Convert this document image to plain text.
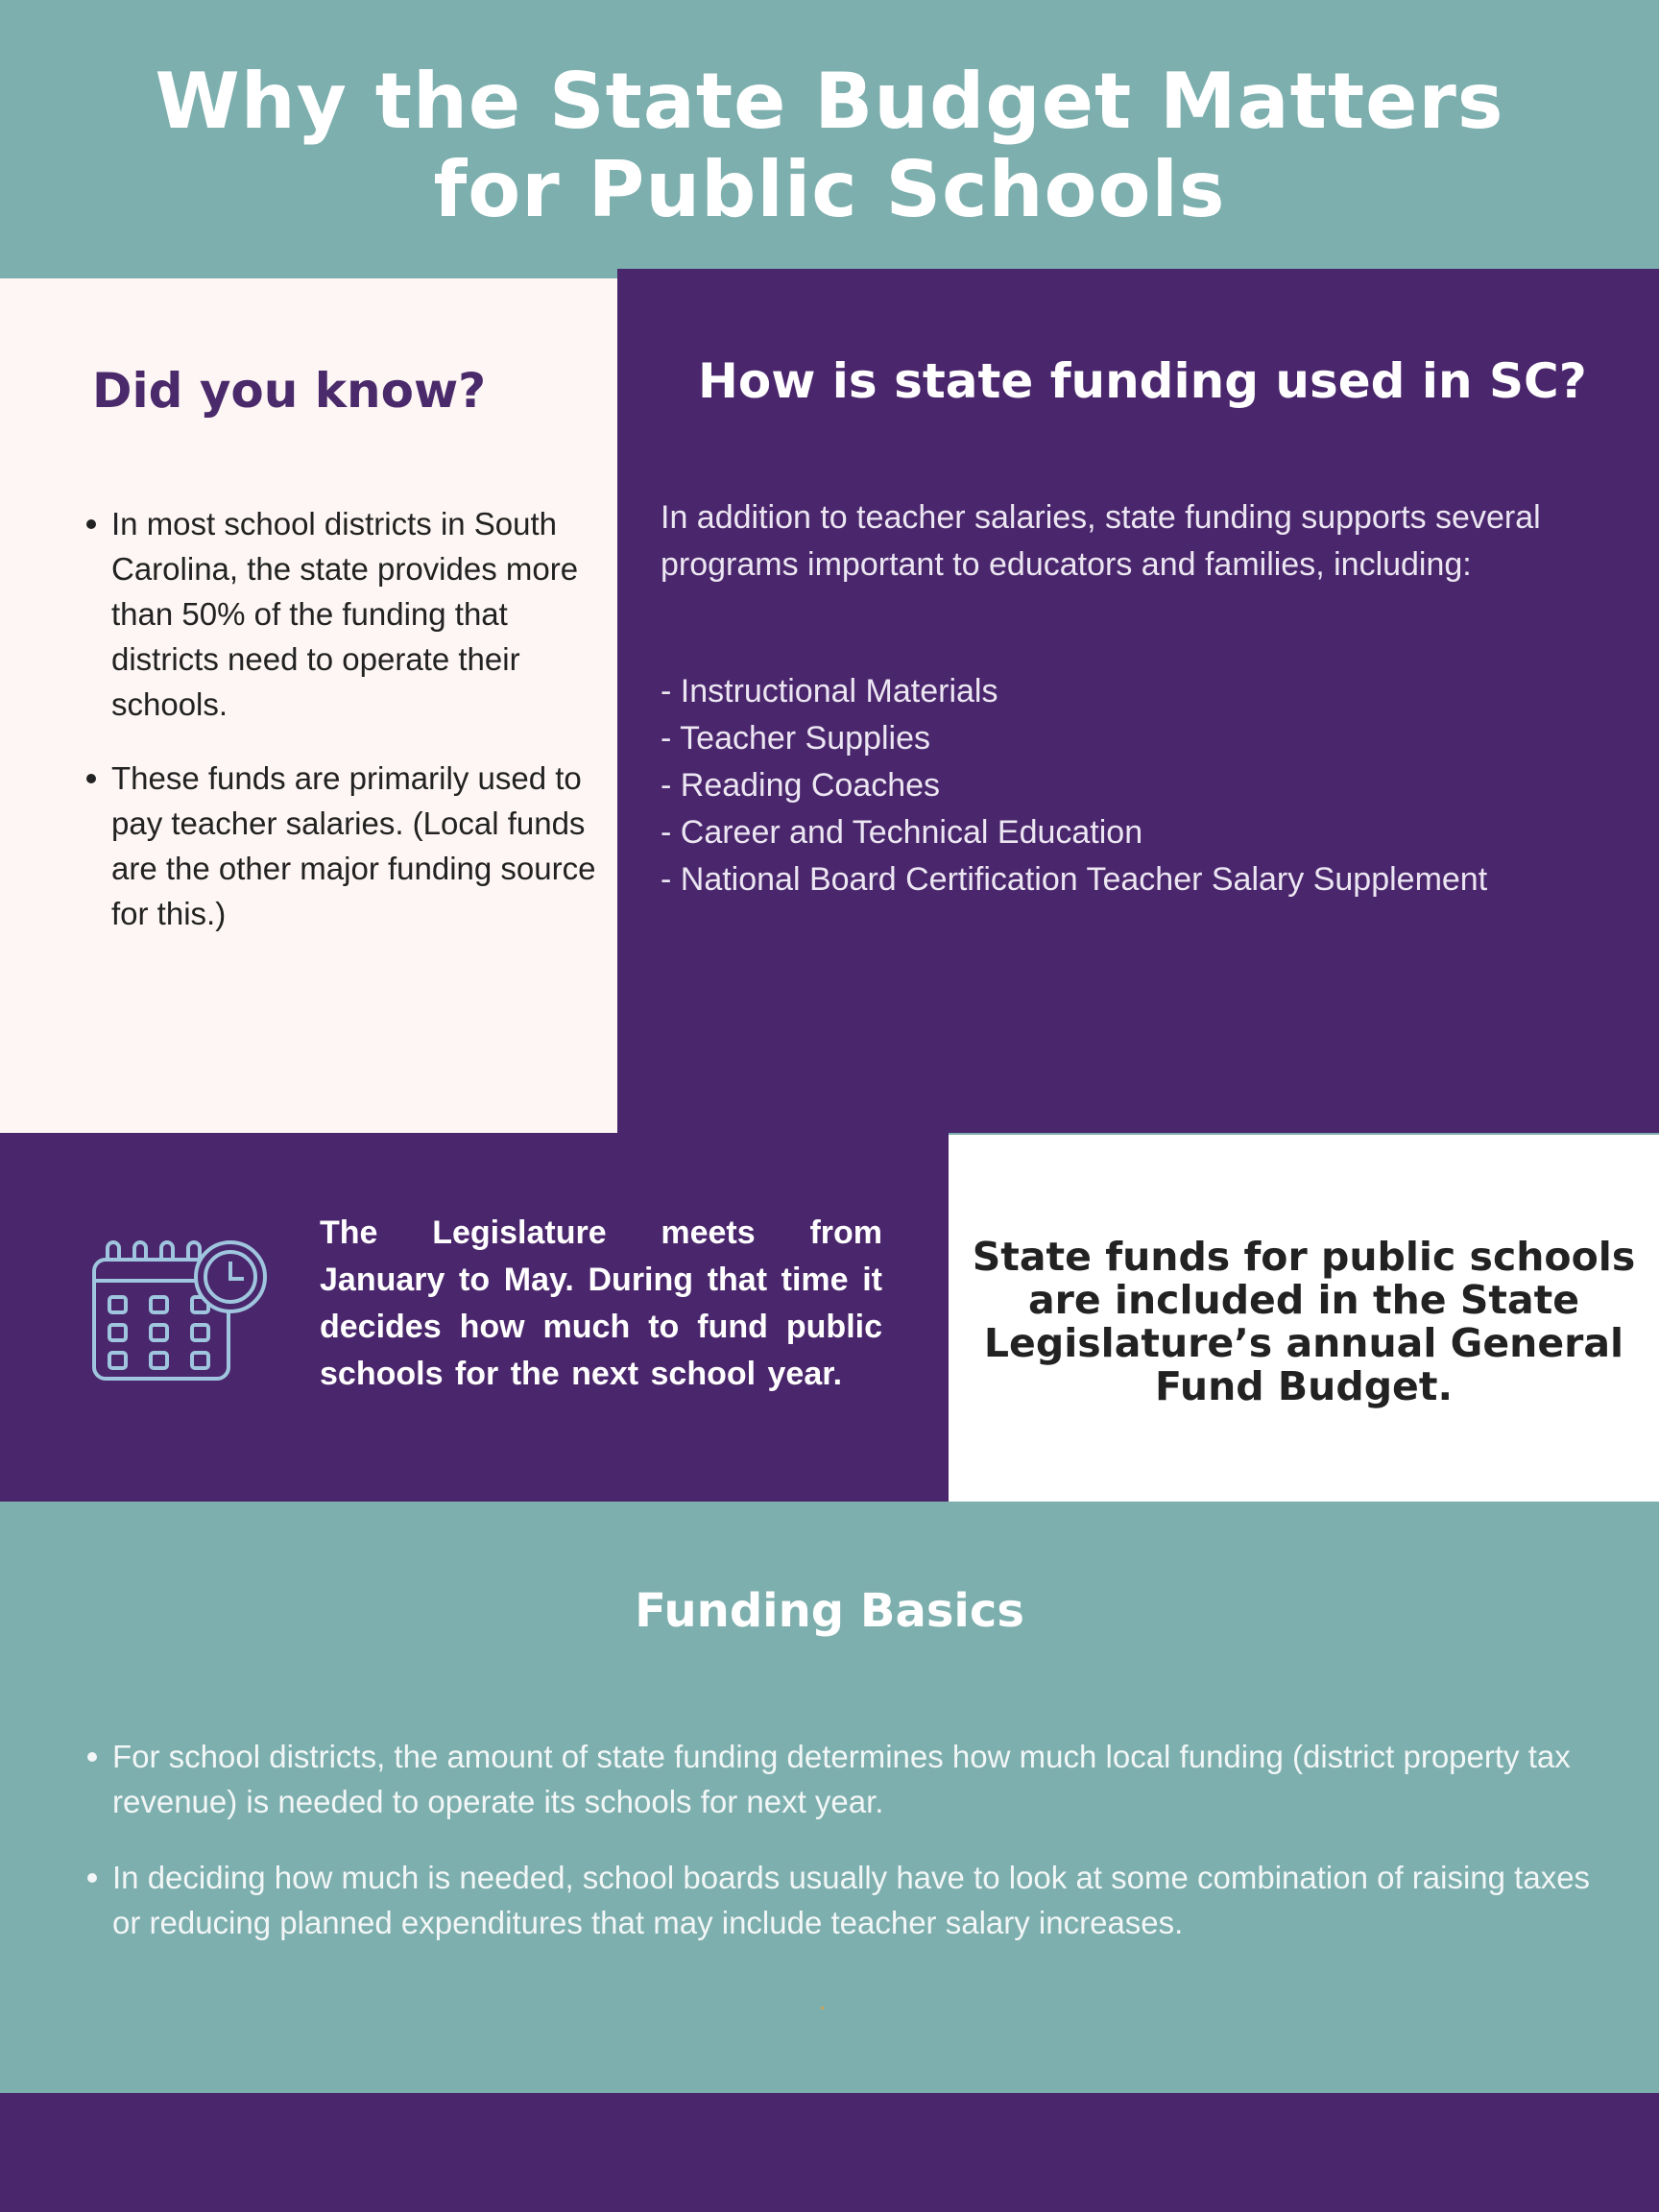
Why the State Budget Matters
for Public Schools
Did you know?
In most school districts in South Carolina, the state provides more than 50% of the funding that districts need to operate their schools.
These funds are primarily used to pay teacher salaries. (Local funds are the other major funding source for this.)
How is state funding used in SC?

In addition to teacher salaries, state funding supports several programs important to educators and families, including:

- Instructional Materials
- Teacher Supplies
- Reading Coaches
- Career and Technical Education
- National Board Certification Teacher Salary Supplement

The Legislature meets from January to May. During that time it decides how much to fund public schools for the next school year.

State funds for public schools are included in the State Legislature’s annual General Fund Budget.

Funding Basics
For school districts, the amount of state funding determines how much local funding (district property tax revenue) is needed to operate its schools for next year.
In deciding how much is needed, school boards usually have to look at some combination of raising taxes or reducing planned expenditures that may include teacher salary increases.
